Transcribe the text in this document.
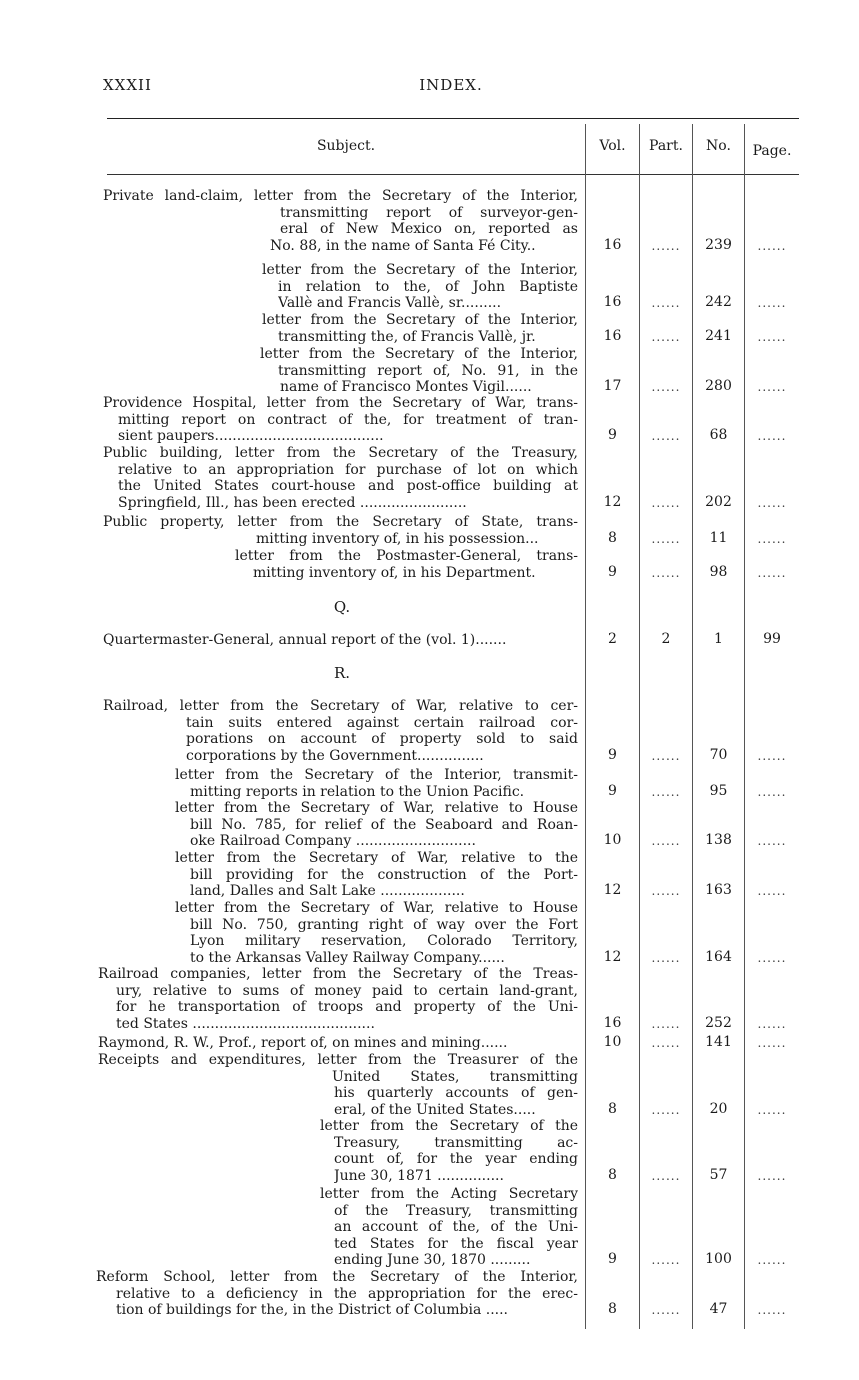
XXXII	INDEX.
Subject.	Vol.	Part.	No.	Page.
Q.
R.
Private land-claim, letter from the Secretary of the Interior,
transmitting report of surveyor-gen-
eral of New Mexico on, reported as
No. 88, in the name of Santa Fé City..	16	......	239	......
letter from the Secretary of the Interior,
in relation to the, of John Baptiste
Vallè and Francis Vallè, sr.........	16	......	242	......
letter from the Secretary of the Interior,
transmitting the, of Francis Vallè, jr.	16	......	241	......
letter from the Secretary of the Interior,
transmitting report of, No. 91, in the
name of Francisco Montes Vigil......	17	......	280	......
Providence Hospital, letter from the Secretary of War, trans-
mitting report on contract of the, for treatment of tran-
sient paupers......................................	9	......	68	......
Public building, letter from the Secretary of the Treasury,
relative to an appropriation for purchase of lot on which
the United States court-house and post-office building at
Springfield, Ill., has been erected ........................	12	......	202	......
Public property, letter from the Secretary of State, trans-
mitting inventory of, in his possession...	8	......	11	......
letter from the Postmaster-General, trans-
mitting inventory of, in his Department.	9	......	98	......
Quartermaster-General, annual report of the (vol. 1).......	2	2	1	99
Railroad, letter from the Secretary of War, relative to cer-
tain suits entered against certain railroad cor-
porations on account of property sold to said
corporations by the Government...............	9	......	70	......
letter from the Secretary of the Interior, transmit-
mitting reports in relation to the Union Pacific.	9	......	95	......
letter from the Secretary of War, relative to House
bill No. 785, for relief of the Seaboard and Roan-
oke Railroad Company ...........................	10	......	138	......
letter from the Secretary of War, relative to the
bill providing for the construction of the Port-
land, Dalles and Salt Lake ...................	12	......	163	......
letter from the Secretary of War, relative to House
bill No. 750, granting right of way over the Fort
Lyon military reservation, Colorado Territory,
to the Arkansas Valley Railway Company......	12	......	164	......
Railroad companies, letter from the Secretary of the Treas-
ury, relative to sums of money paid to certain land-grant,
for he transportation of troops and property of the Uni-
ted States .........................................	16	......	252	......
Raymond, R. W., Prof., report of, on mines and mining......	10	......	141	......
Receipts and expenditures, letter from the Treasurer of the
United States, transmitting
his quarterly accounts of gen-
eral, of the United States.....	8	......	20	......
letter from the Secretary of the
Treasury, transmitting ac-
count of, for the year ending
June 30, 1871 ...............	8	......	57	......
letter from the Acting Secretary
of the Treasury, transmitting
an account of the, of the Uni-
ted States for the fiscal year
ending June 30, 1870 .........	9	......	100	......
Reform School, letter from the Secretary of the Interior,
relative to a deficiency in the appropriation for the erec-
tion of buildings for the, in the District of Columbia .....	8	......	47	......
